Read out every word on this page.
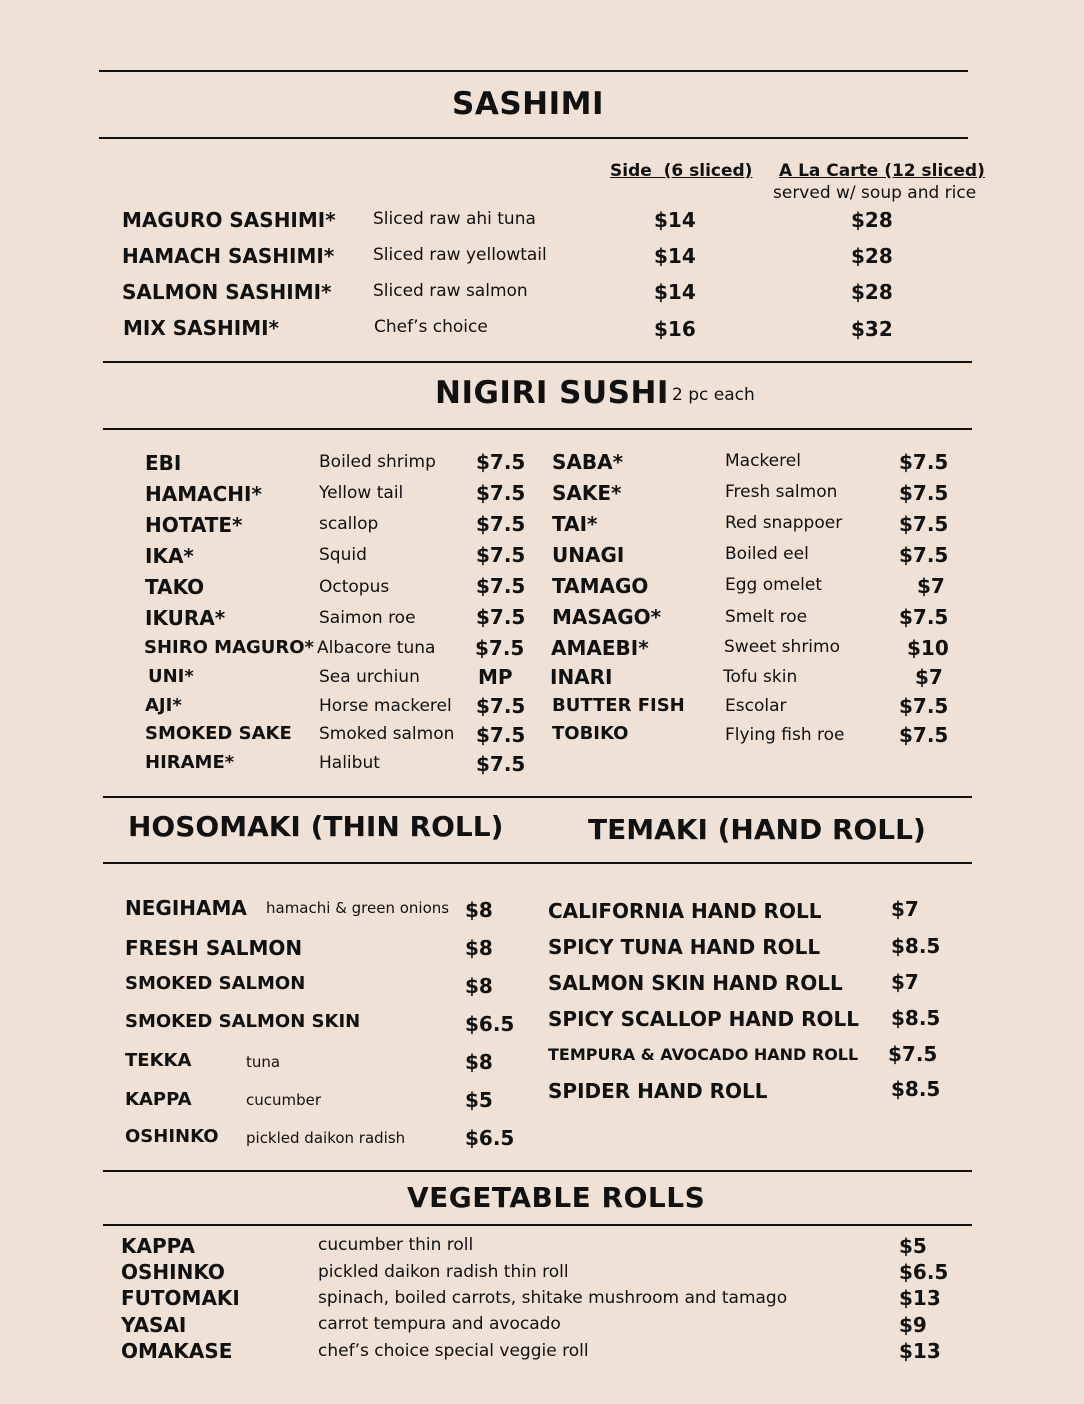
SASHIMI
Side  (6 sliced) A La Carte (12 sliced)
served w/ soup and rice
MAGURO SASHIMI* Sliced raw ahi tuna	$14	$28
HAMACH SASHIMI* Sliced raw yellowtail	$14	$28
SALMON SASHIMI* Sliced raw salmon	$14	$28
MIX SASHIMI*	Chef’s choice	$16	$32
NIGIRI SUSHI 2 pc each
EBI	Boiled shrimp $7.5
HAMACHI*	Yellow tail	$7.5
HOTATE*	scallop	$7.5
IKA*	Squid	$7.5
TAKO	Octopus	$7.5
IKURA*	Saimon roe	$7.5
SHIRO MAGURO* Albacore tuna $7.5
UNI*	Sea urchiun	MP
AJI*	Horse mackerel $7.5
SMOKED SAKE Smoked salmon $7.5
HIRAME*	Halibut	$7.5
SABA*	Mackerel	$7.5
SAKE*	Fresh salmon	$7.5
TAI*	Red snappoer	$7.5
UNAGI	Boiled eel	$7.5
TAMAGO	Egg omelet	$7
MASAGO*	Smelt roe	$7.5
AMAEBI*	Sweet shrimo	$10
INARI	Tofu skin	$7
BUTTER FISH Escolar	$7.5
TOBIKO	Flying fish roe	$7.5
HOSOMAKI (THIN ROLL)	TEMAKI (HAND ROLL)
NEGIHAMA hamachi & green onions $8
FRESH SALMON	$8
SMOKED SALMON	$8
SMOKED SALMON SKIN	$6.5
TEKKA	tuna	$8
KAPPA	cucumber	$5
OSHINKO pickled daikon radish	$6.5
CALIFORNIA HAND ROLL	$7
SPICY TUNA HAND ROLL	$8.5
SALMON SKIN HAND ROLL $7
SPICY SCALLOP HAND ROLL $8.5
TEMPURA & AVOCADO HAND ROLL $7.5
SPIDER HAND ROLL	$8.5
VEGETABLE ROLLS
KAPPA	cucumber thin roll	$5
OSHINKO	pickled daikon radish thin roll	$6.5
FUTOMAKI	spinach, boiled carrots, shitake mushroom and tamago	$13
YASAI	carrot tempura and avocado	$9
OMAKASE	chef’s choice special veggie roll	$13
